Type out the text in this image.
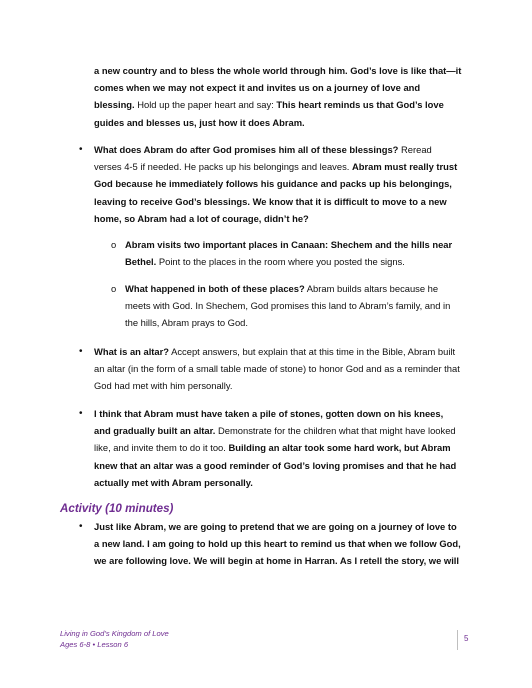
a new country and to bless the whole world through him. God’s love is like that—it
comes when we may not expect it and invites us on a journey of love and
blessing. Hold up the paper heart and say: This heart reminds us that God’s love
guides and blesses us, just how it does Abram.
• What does Abram do after God promises him all of these blessings? Reread
verses 4-5 if needed. He packs up his belongings and leaves. Abram must really trust
God because he immediately follows his guidance and packs up his belongings,
leaving to receive God’s blessings. We know that it is difficult to move to a new
home, so Abram had a lot of courage, didn’t he?
o Abram visits two important places in Canaan: Shechem and the hills near
Bethel. Point to the places in the room where you posted the signs.
o What happened in both of these places? Abram builds altars because he
meets with God. In Shechem, God promises this land to Abram’s family, and in
the hills, Abram prays to God.
• What is an altar? Accept answers, but explain that at this time in the Bible, Abram built
an altar (in the form of a small table made of stone) to honor God and as a reminder that
God had met with him personally.
• I think that Abram must have taken a pile of stones, gotten down on his knees,
and gradually built an altar. Demonstrate for the children what that might have looked
like, and invite them to do it too. Building an altar took some hard work, but Abram
knew that an altar was a good reminder of God’s loving promises and that he had
actually met with Abram personally.
Activity (10 minutes)
• Just like Abram, we are going to pretend that we are going on a journey of love to
a new land. I am going to hold up this heart to remind us that when we follow God,
we are following love. We will begin at home in Harran. As I retell the story, we will
Living in God’s Kingdom of Love
Ages 6-8 • Lesson 6
5
